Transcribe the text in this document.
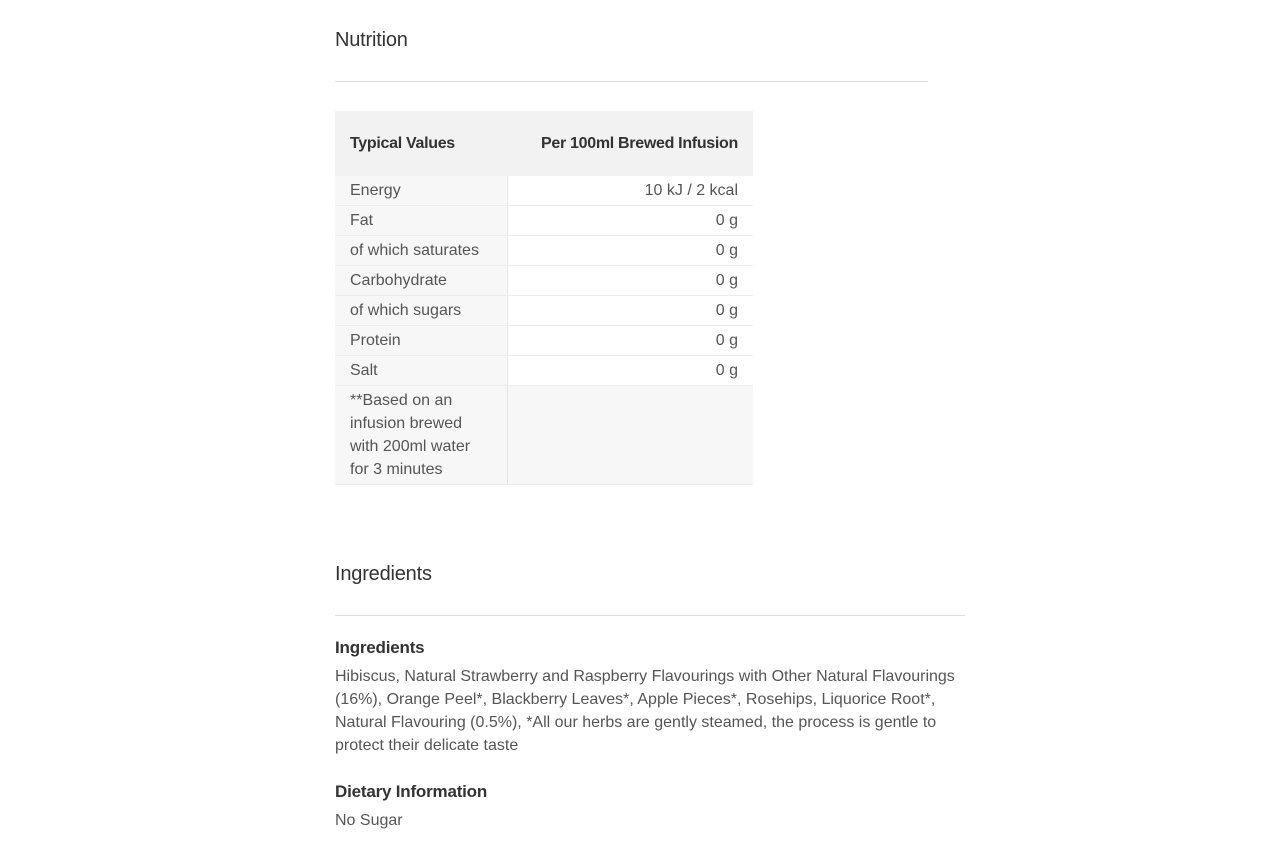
Nutrition
Typical Values	Per 100ml Brewed Infusion
Energy	10 kJ / 2 kcal
Fat	0 g
of which saturates	0 g
Carbohydrate	0 g
of which sugars	0 g
Protein	0 g
Salt	0 g
**Based on an infusion brewed with 200ml water for 3 minutes	
Ingredients
Ingredients

Hibiscus, Natural Strawberry and Raspberry Flavourings with Other Natural Flavourings (16%), Orange Peel*, Blackberry Leaves*, Apple Pieces*, Rosehips, Liquorice Root*, Natural Flavouring (0.5%), *All our herbs are gently steamed, the process is gentle to protect their delicate taste

Dietary Information

No Sugar
